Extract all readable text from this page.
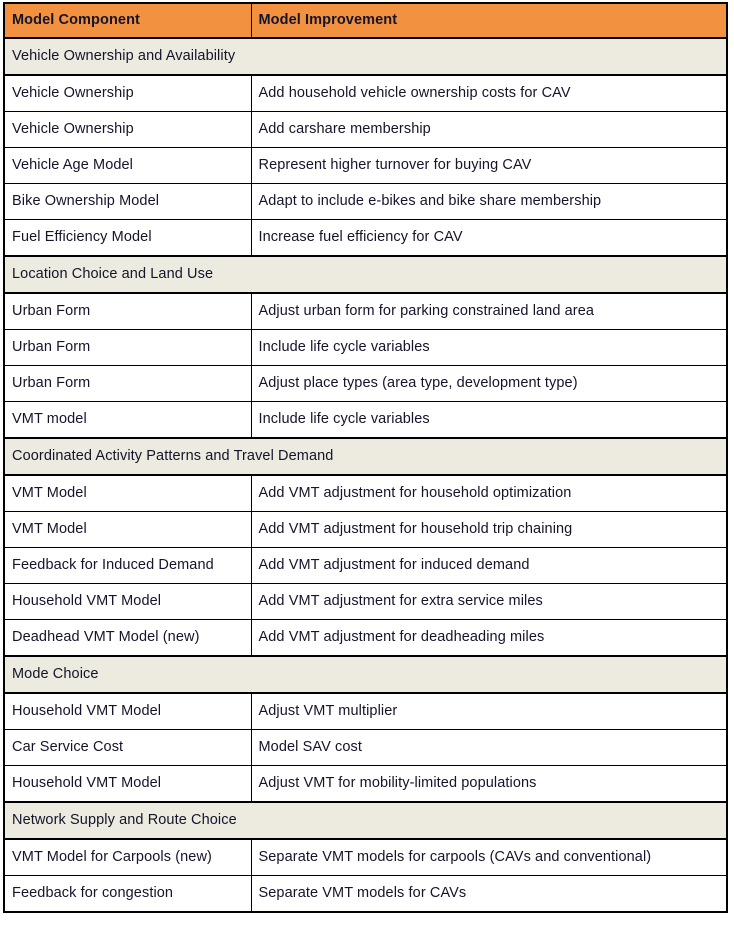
Model Component	Model Improvement
Vehicle Ownership and Availability	
Vehicle Ownership	Add household vehicle ownership costs for CAV
Vehicle Ownership	Add carshare membership
Vehicle Age Model	Represent higher turnover for buying CAV
Bike Ownership Model	Adapt to include e-bikes and bike share membership
Fuel Efficiency Model	Increase fuel efficiency for CAV
Location Choice and Land Use	
Urban Form	Adjust urban form for parking constrained land area
Urban Form	Include life cycle variables
Urban Form	Adjust place types (area type, development type)
VMT model	Include life cycle variables
Coordinated Activity Patterns and Travel Demand	
VMT Model	Add VMT adjustment for household optimization
VMT Model	Add VMT adjustment for household trip chaining
Feedback for Induced Demand	Add VMT adjustment for induced demand
Household VMT Model	Add VMT adjustment for extra service miles
Deadhead VMT Model (new)	Add VMT adjustment for deadheading miles
Mode Choice	
Household VMT Model	Adjust VMT multiplier
Car Service Cost	Model SAV cost
Household VMT Model	Adjust VMT for mobility-limited populations
Network Supply and Route Choice	
VMT Model for Carpools (new)	Separate VMT models for carpools (CAVs and conventional)
Feedback for congestion	Separate VMT models for CAVs
